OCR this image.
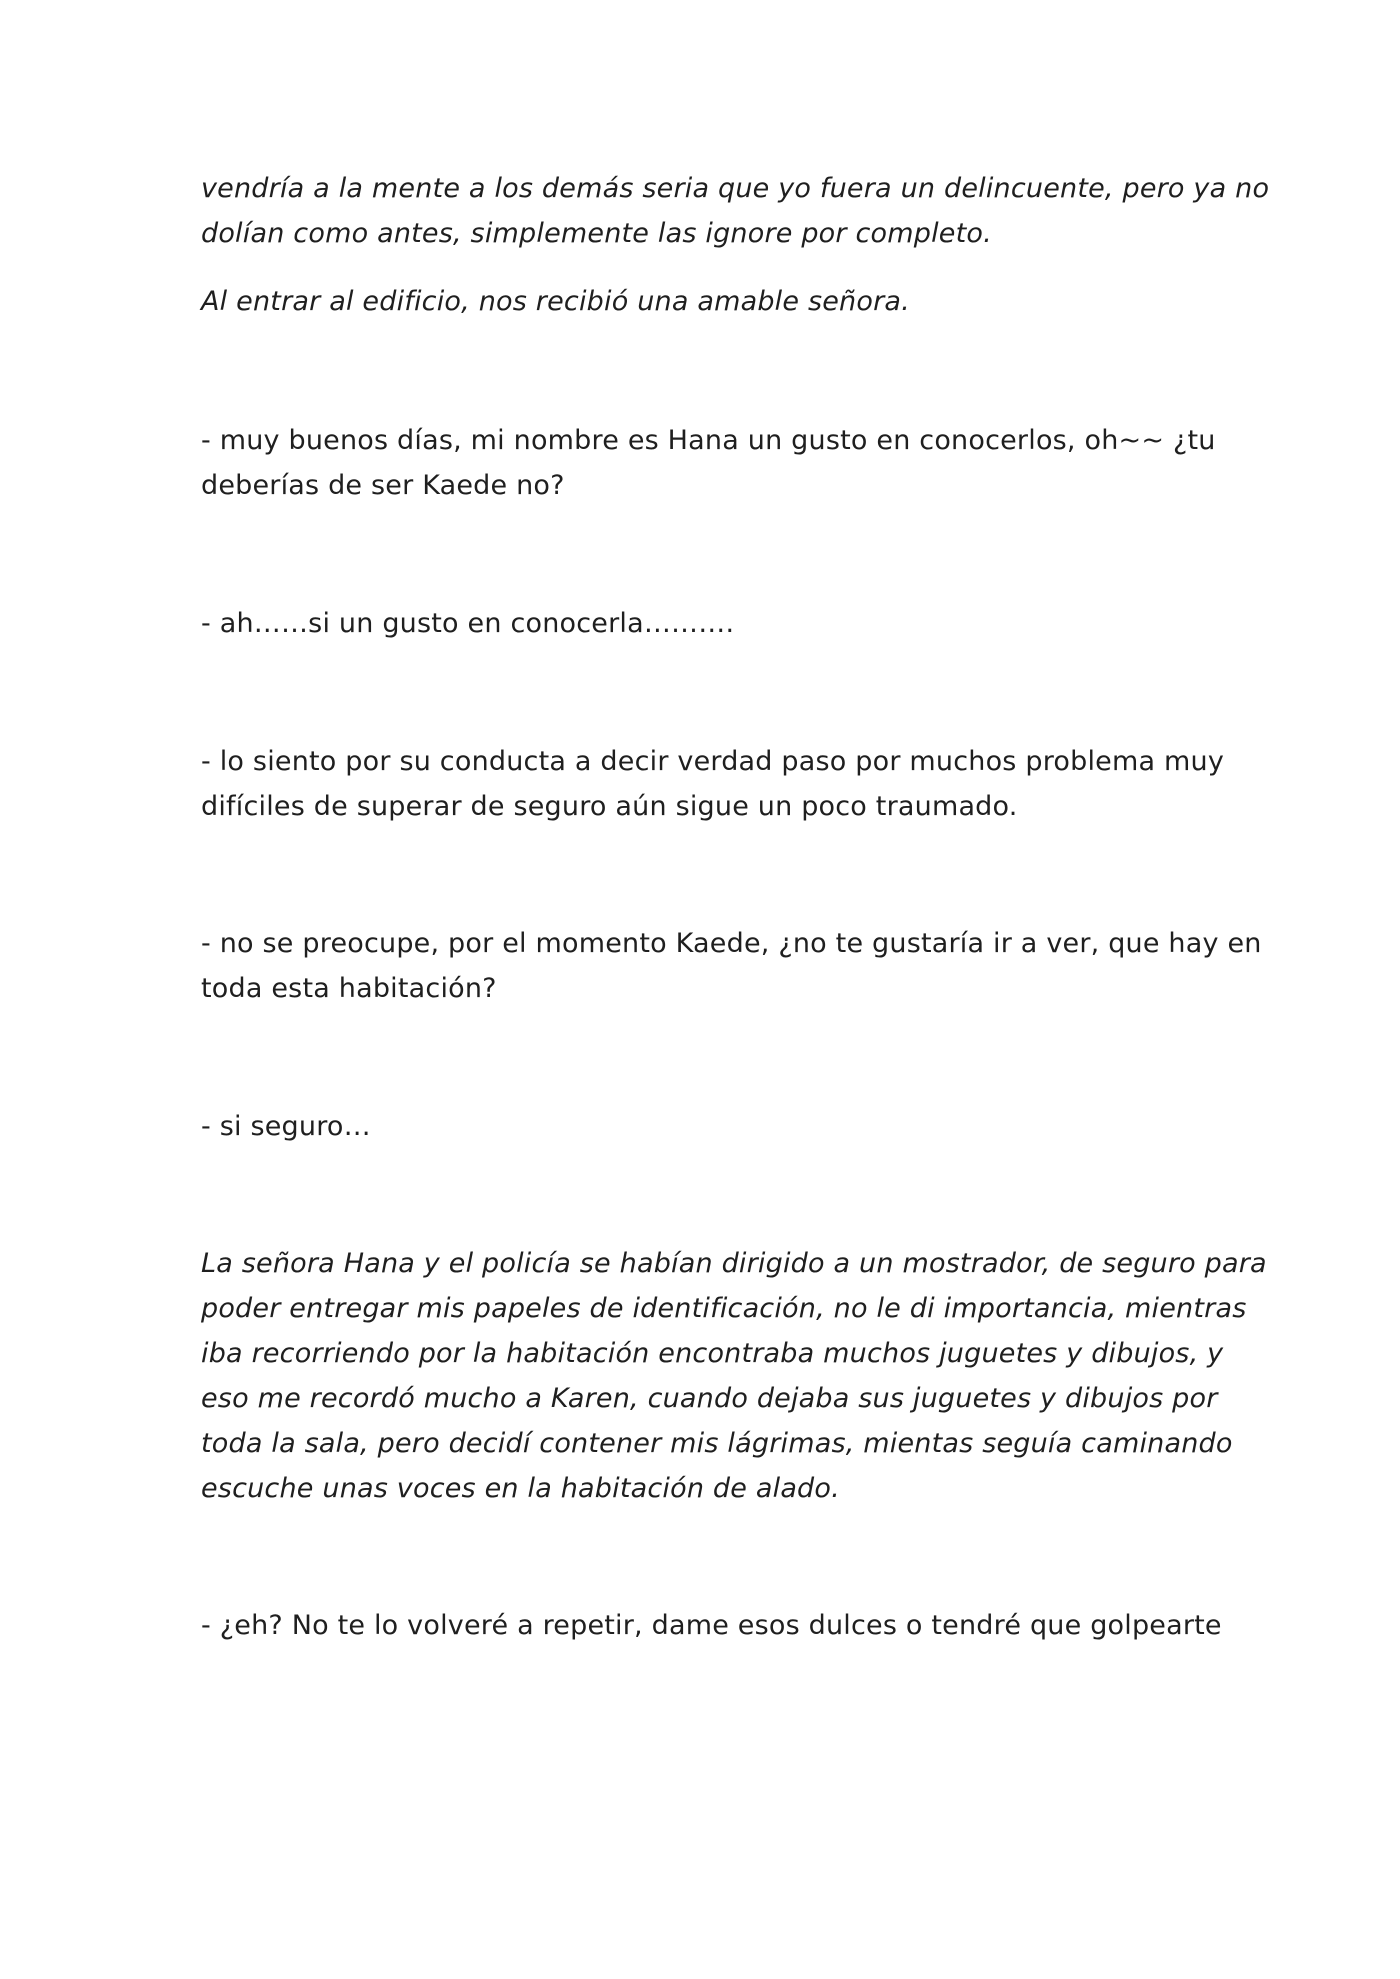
vendría a la mente a los demás seria que yo fuera un delincuente, pero ya no
dolían como antes, simplemente las ignore por completo.

Al entrar al edificio, nos recibió una amable señora.

- muy buenos días, mi nombre es Hana un gusto en conocerlos, oh~~ ¿tu
deberías de ser Kaede no?

- ah……si un gusto en conocerla……….

- lo siento por su conducta a decir verdad paso por muchos problema muy
difíciles de superar de seguro aún sigue un poco traumado.

- no se preocupe, por el momento Kaede, ¿no te gustaría ir a ver, que hay en
toda esta habitación?

- si seguro…

La señora Hana y el policía se habían dirigido a un mostrador, de seguro para
poder entregar mis papeles de identificación, no le di importancia, mientras
iba recorriendo por la habitación encontraba muchos juguetes y dibujos, y
eso me recordó mucho a Karen, cuando dejaba sus juguetes y dibujos por
toda la sala, pero decidí contener mis lágrimas, mientas seguía caminando
escuche unas voces en la habitación de alado.

- ¿eh? No te lo volveré a repetir, dame esos dulces o tendré que golpearte
